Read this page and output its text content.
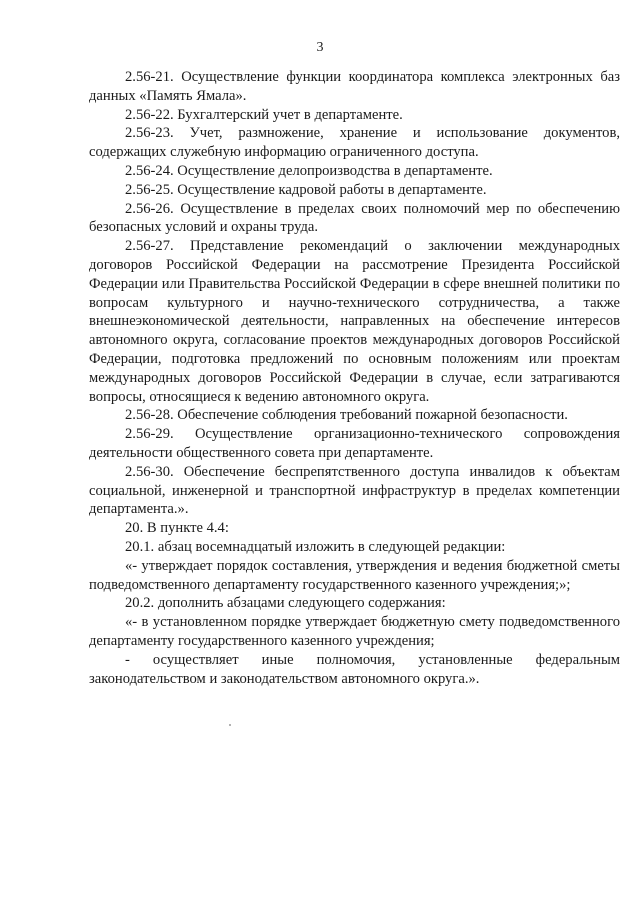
3

2.56-21. Осуществление функции координатора комплекса электронных баз данных «Память Ямала».

2.56-22. Бухгалтерский учет в департаменте.

2.56-23. Учет, размножение, хранение и использование документов, содержащих служебную информацию ограниченного доступа.

2.56-24. Осуществление делопроизводства в департаменте.

2.56-25. Осуществление кадровой работы в департаменте.

2.56-26. Осуществление в пределах своих полномочий мер по обеспечению безопасных условий и охраны труда.

2.56-27. Представление рекомендаций о заключении международных договоров Российской Федерации на рассмотрение Президента Российской Федерации или Правительства Российской Федерации в сфере внешней политики по вопросам культурного и научно-технического сотрудничества, а также внешнеэкономической деятельности, направленных на обеспечение интересов автономного округа, согласование проектов международных договоров Российской Федерации, подготовка предложений по основным положениям или проектам международных договоров Российской Федерации в случае, если затрагиваются вопросы, относящиеся к ведению автономного округа.

2.56-28. Обеспечение соблюдения требований пожарной безопасности.

2.56-29. Осуществление организационно-технического сопровождения деятельности общественного совета при департаменте.

2.56-30. Обеспечение беспрепятственного доступа инвалидов к объектам социальной, инженерной и транспортной инфраструктур в пределах компетенции департамента.».

20. В пункте 4.4:

20.1. абзац восемнадцатый изложить в следующей редакции:

«- утверждает порядок составления, утверждения и ведения бюджетной сметы подведомственного департаменту государственного казенного учреждения;»;

20.2. дополнить абзацами следующего содержания:

«- в установленном порядке утверждает бюджетную смету подведомственного департаменту государственного казенного учреждения;

- осуществляет иные полномочия, установленные федеральным законодательством и законодательством автономного округа.».
